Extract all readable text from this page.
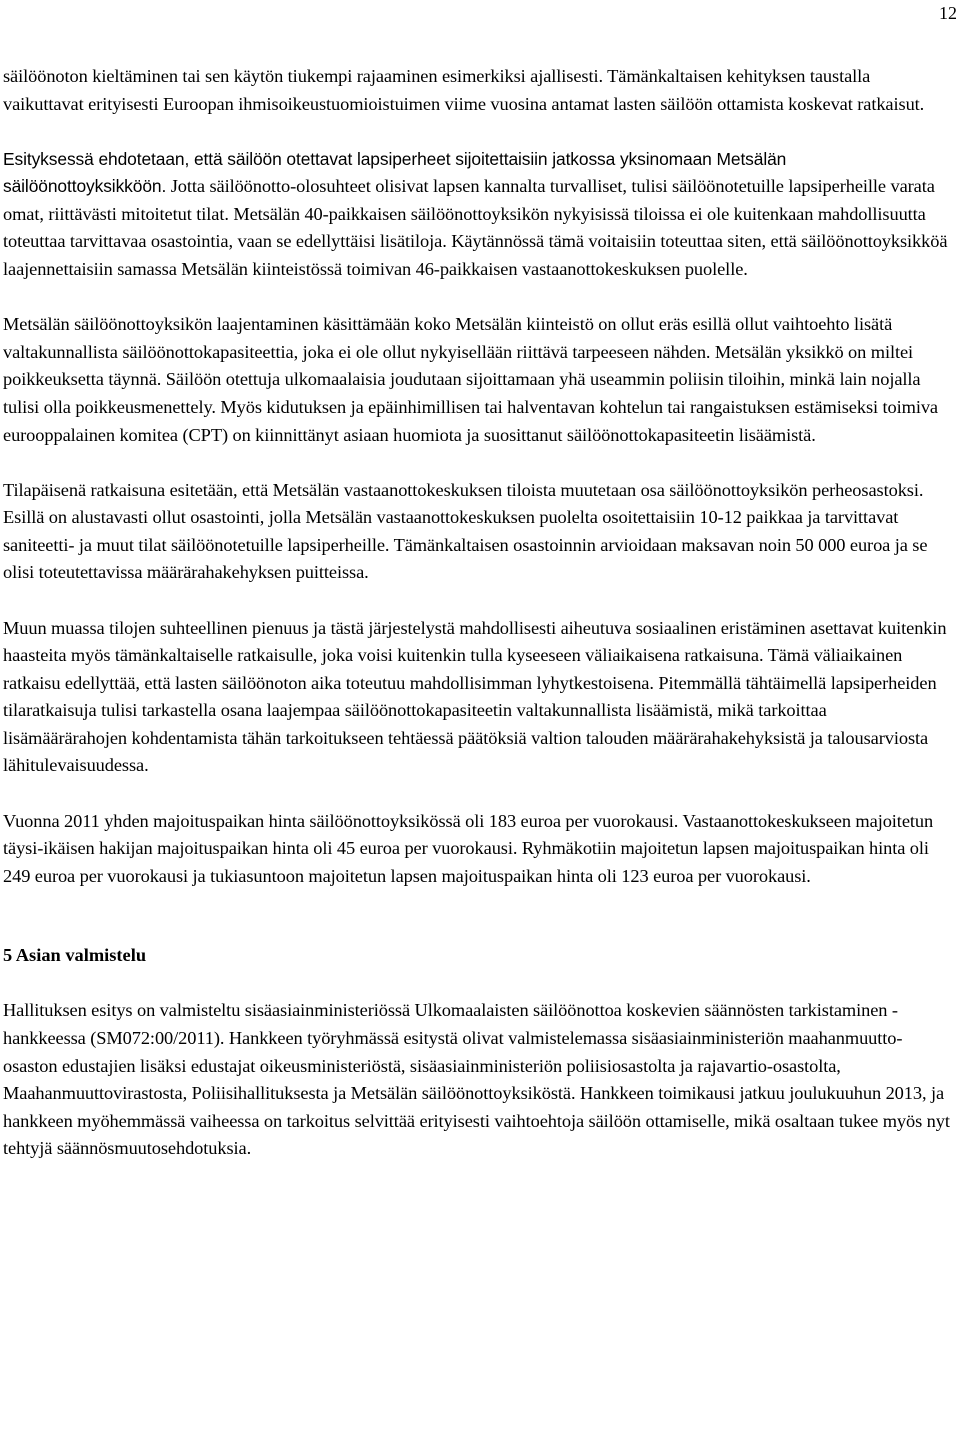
12

säilöönoton kieltäminen tai sen käytön tiukempi rajaaminen esimerkiksi ajallisesti. Tämänkaltaisen kehityksen taustalla vaikuttavat erityisesti Euroopan ihmisoikeustuomioistuimen viime vuosina antamat lasten säilöön ottamista koskevat ratkaisut.

Esityksessä ehdotetaan, että säilöön otettavat lapsiperheet sijoitettaisiin jatkossa yksinomaan Metsälän säilöönottoyksikköön. Jotta säilöönotto-olosuhteet olisivat lapsen kannalta turvalliset, tulisi säilöönotetuille lapsiperheille varata omat, riittävästi mitoitetut tilat. Metsälän 40-paikkaisen säilöönottoyksikön nykyisissä tiloissa ei ole kuitenkaan mahdollisuutta toteuttaa tarvittavaa osastointia, vaan se edellyttäisi lisätiloja. Käytännössä tämä voitaisiin toteuttaa siten, että säilöönottoyksikköä laajennettaisiin samassa Metsälän kiinteistössä toimivan 46-paikkaisen vastaanottokeskuksen puolelle.

Metsälän säilöönottoyksikön laajentaminen käsittämään koko Metsälän kiinteistö on ollut eräs esillä ollut vaihtoehto lisätä valtakunnallista säilöönottokapasiteettia, joka ei ole ollut nykyisellään riittävä tarpeeseen nähden. Metsälän yksikkö on miltei poikkeuksetta täynnä. Säilöön otettuja ulkomaalaisia joudutaan sijoittamaan yhä useammin poliisin tiloihin, minkä lain nojalla tulisi olla poikkeusmenettely. Myös kidutuksen ja epäinhimillisen tai halventavan kohtelun tai rangaistuksen estämiseksi toimiva eurooppalainen komitea (CPT) on kiinnittänyt asiaan huomiota ja suosittanut säilöönottokapasiteetin lisäämistä.

Tilapäisenä ratkaisuna esitetään, että Metsälän vastaanottokeskuksen tiloista muutetaan osa säilöönottoyksikön perheosastoksi. Esillä on alustavasti ollut osastointi, jolla Metsälän vastaanottokeskuksen puolelta osoitettaisiin 10-12 paikkaa ja tarvittavat saniteetti- ja muut tilat säilöönotetuille lapsiperheille. Tämänkaltaisen osastoinnin arvioidaan maksavan noin 50 000 euroa ja se olisi toteutettavissa määrärahakehyksen puitteissa.

Muun muassa tilojen suhteellinen pienuus ja tästä järjestelystä mahdollisesti aiheutuva sosiaalinen eristäminen asettavat kuitenkin haasteita myös tämänkaltaiselle ratkaisulle, joka voisi kuitenkin tulla kyseeseen väliaikaisena ratkaisuna. Tämä väliaikainen ratkaisu edellyttää, että lasten säilöönoton aika toteutuu mahdollisimman lyhytkestoisena. Pitemmällä tähtäimellä lapsiperheiden tilaratkaisuja tulisi tarkastella osana laajempaa säilöönottokapasiteetin valtakunnallista lisäämistä, mikä tarkoittaa lisämäärärahojen kohdentamista tähän tarkoitukseen tehtäessä päätöksiä valtion talouden määrärahakehyksistä ja talousarviosta lähitulevaisuudessa.

Vuonna 2011 yhden majoituspaikan hinta säilöönottoyksikössä oli 183 euroa per vuorokausi. Vastaanottokeskukseen majoitetun täysi-ikäisen hakijan majoituspaikan hinta oli 45 euroa per vuorokausi. Ryhmäkotiin majoitetun lapsen majoituspaikan hinta oli 249 euroa per vuorokausi ja tukiasuntoon majoitetun lapsen majoituspaikan hinta oli 123 euroa per vuorokausi.

5 Asian valmistelu

Hallituksen esitys on valmisteltu sisäasiainministeriössä Ulkomaalaisten säilöönottoa koskevien säännösten tarkistaminen -hankkeessa (SM072:00/2011). Hankkeen työryhmässä esitystä olivat valmistelemassa sisäasiainministeriön maahanmuutto-osaston edustajien lisäksi edustajat oikeusministeriöstä, sisäasiainministeriön poliisiosastolta ja rajavartio-osastolta, Maahanmuuttovirastosta, Poliisihallituksesta ja Metsälän säilöönottoyksiköstä. Hankkeen toimikausi jatkuu joulukuuhun 2013, ja hankkeen myöhemmässä vaiheessa on tarkoitus selvittää erityisesti vaihtoehtoja säilöön ottamiselle, mikä osaltaan tukee myös nyt tehtyjä säännösmuutosehdotuksia.
